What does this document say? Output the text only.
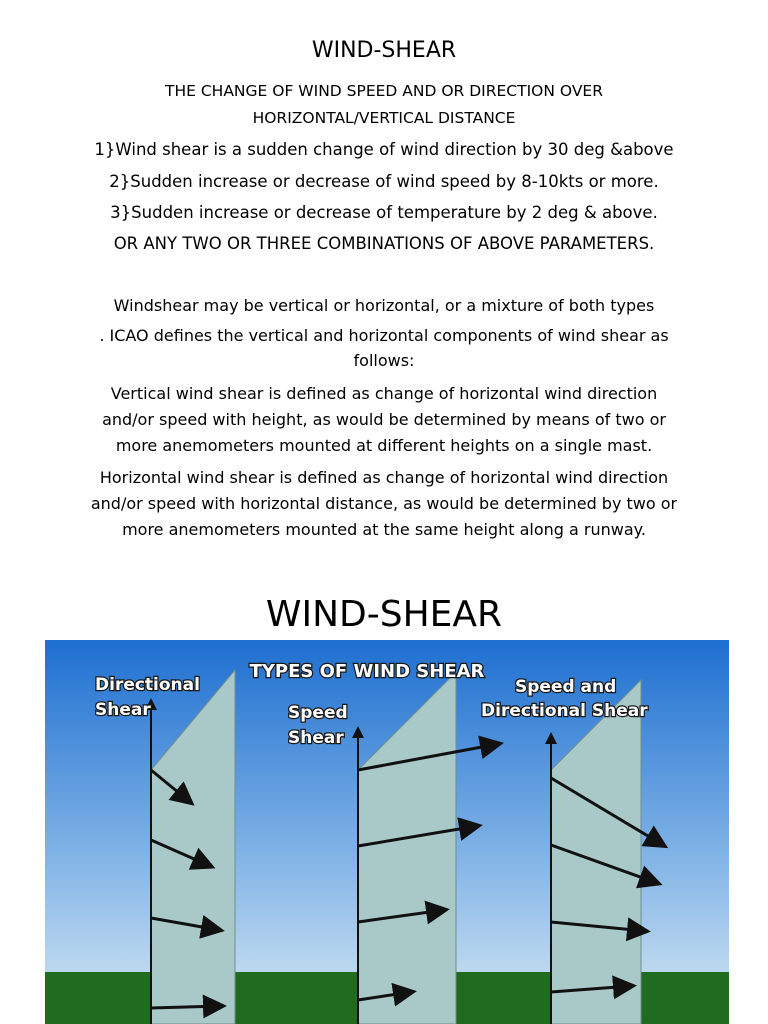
WIND-SHEAR
THE CHANGE OF WIND SPEED AND OR DIRECTION OVER
HORIZONTAL/VERTICAL DISTANCE
1}Wind shear is a sudden change of wind direction by 30 deg &above
2}Sudden increase or decrease of wind speed by 8-10kts or more.
3}Sudden increase or decrease of temperature by 2 deg & above.
OR ANY TWO OR THREE COMBINATIONS OF ABOVE PARAMETERS.
Windshear may be vertical or horizontal, or a mixture of both types
. ICAO defines the vertical and horizontal components of wind shear as
follows:
Vertical wind shear is defined as change of horizontal wind direction
and/or speed with height, as would be determined by means of two or
more anemometers mounted at different heights on a single mast.
Horizontal wind shear is defined as change of horizontal wind direction
and/or speed with horizontal distance, as would be determined by two or
more anemometers mounted at the same height along a runway.
WIND-SHEAR
TYPES OF WIND SHEAR
Directional
Shear	Speed
Shear
Speed and
Directional Shear
